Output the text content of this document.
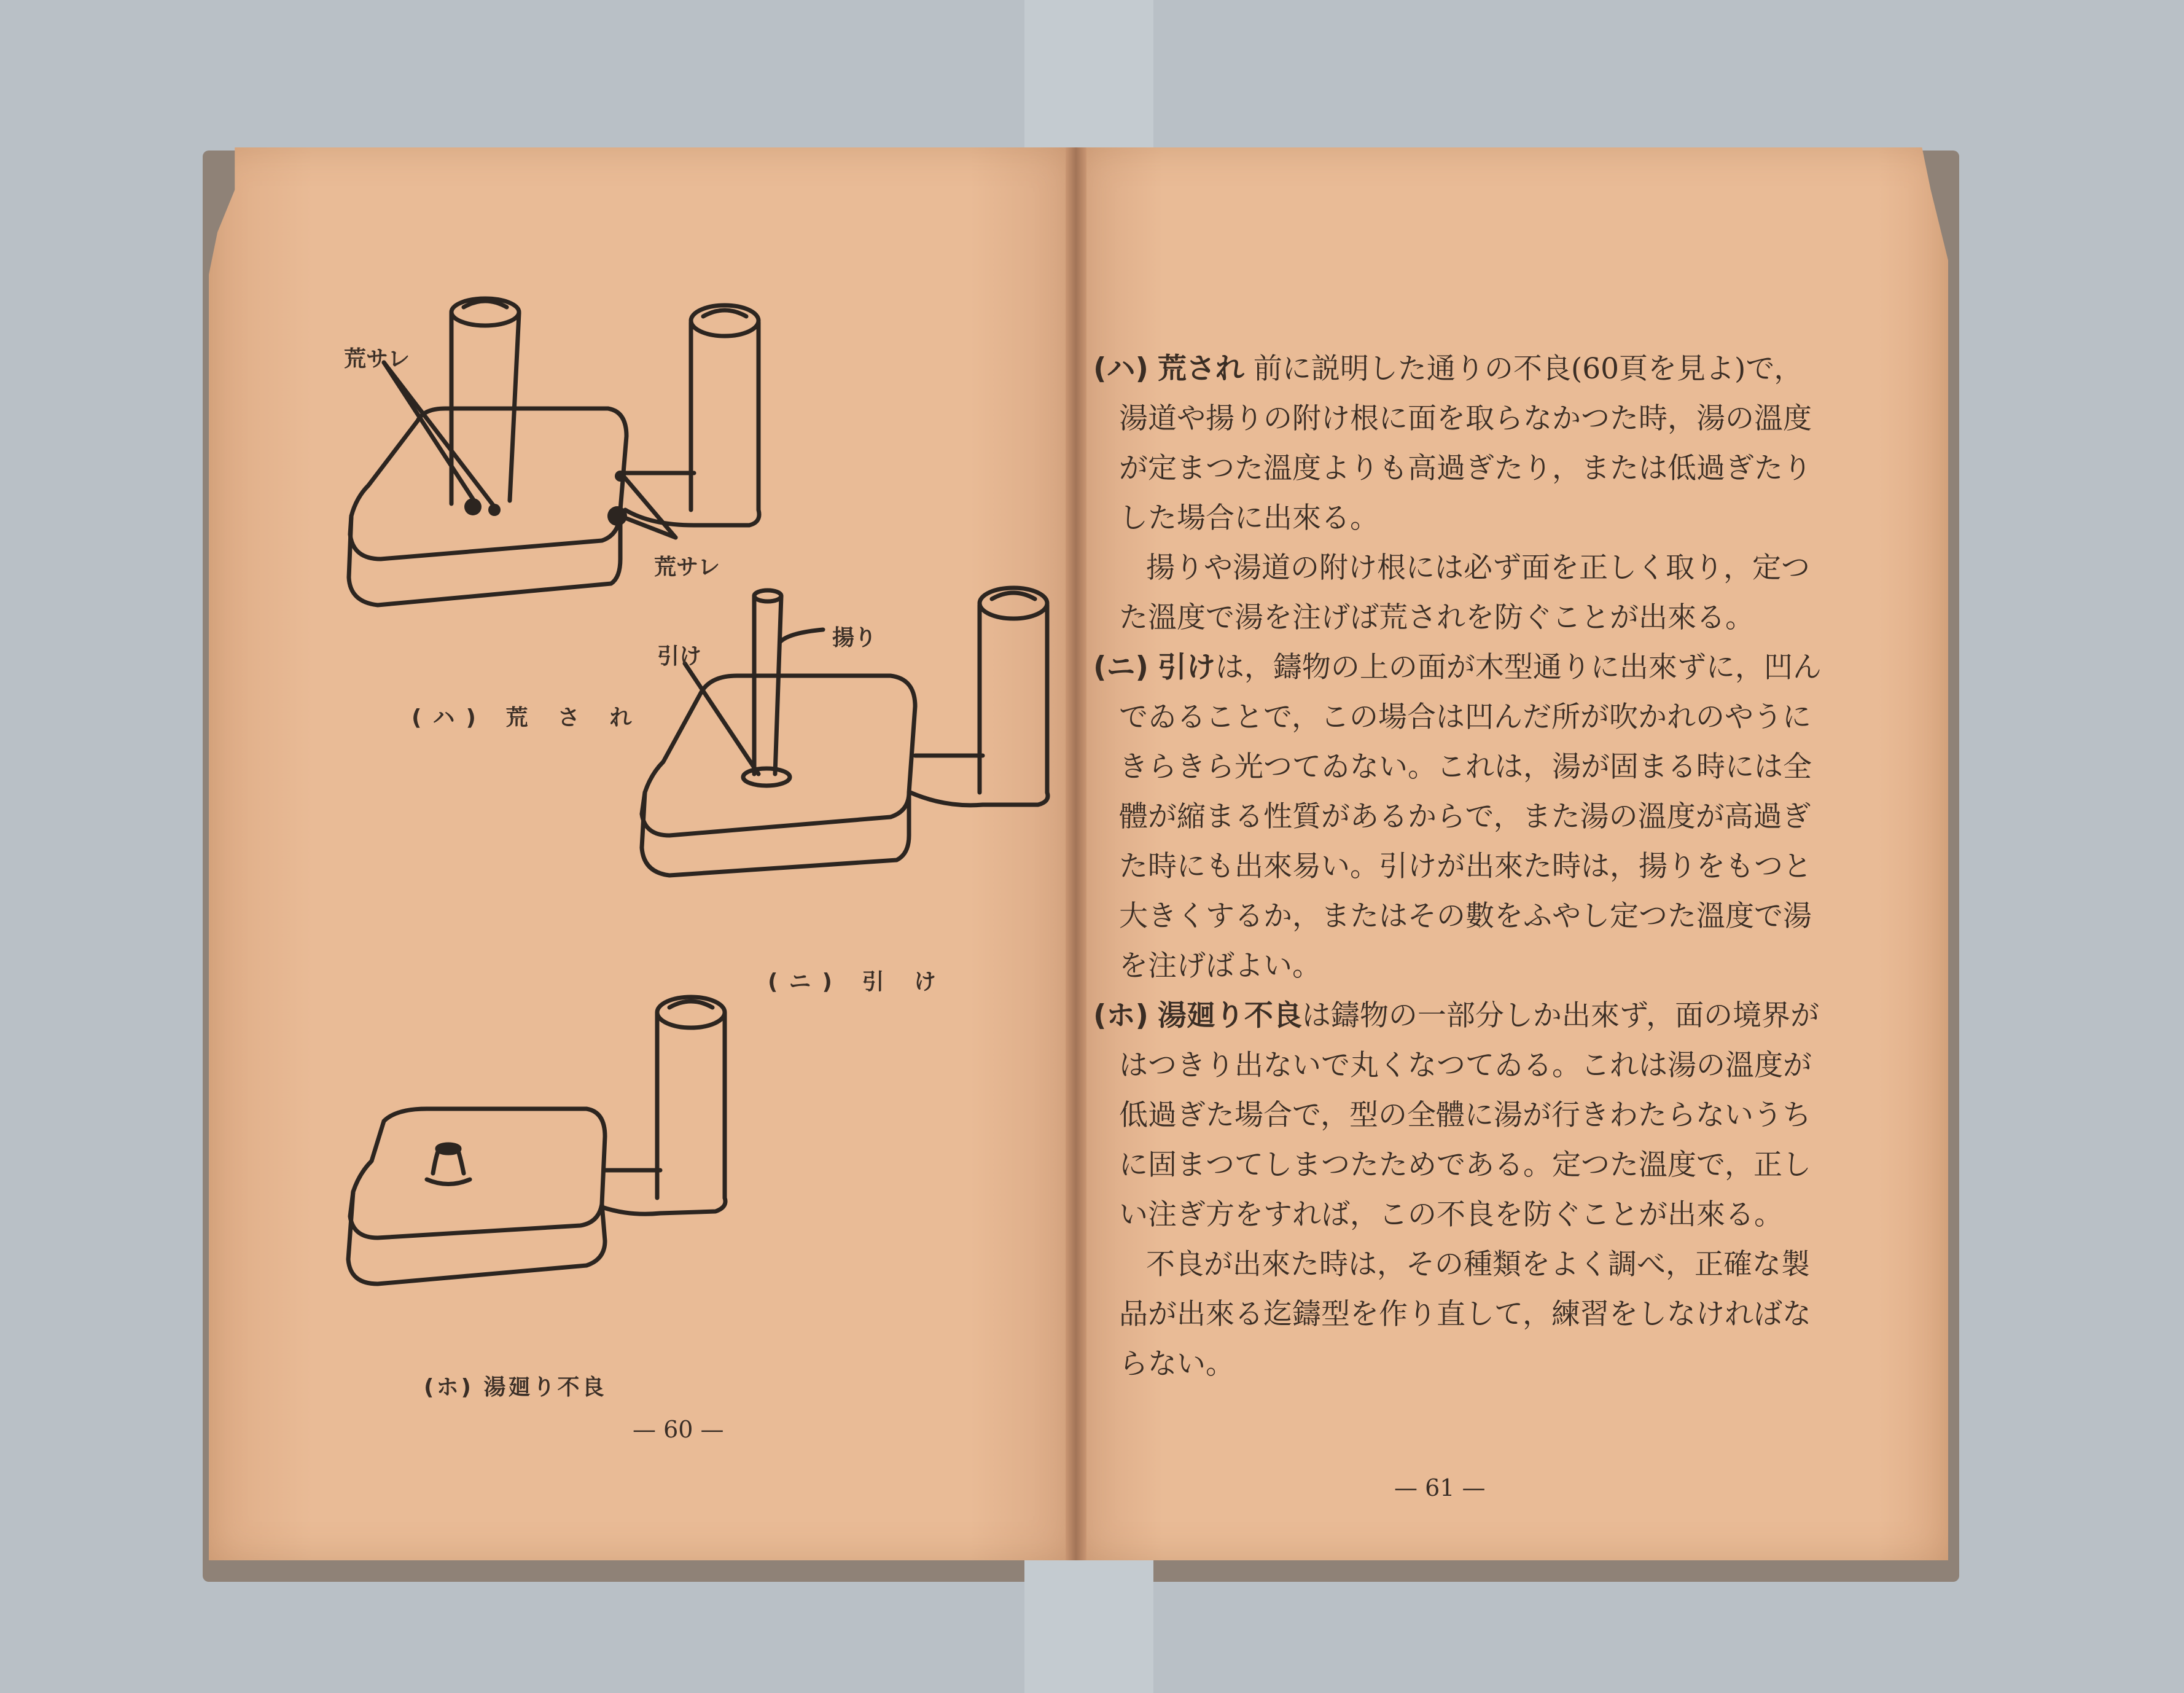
荒サレ
荒サレ
(ハ) 荒 さ れ
引け
揚り
(ニ) 引 け
(ホ) 湯廻り不良
— 60 —

(ハ) 荒され 前に説明した通りの不良(60頁を見よ)で，湯道や揚りの附け根に面を取らなかつた時，湯の溫度が定まつた溫度よりも高過ぎたり，または低過ぎたりした場合に出來る。

揚りや湯道の附け根には必ず面を正しく取り，定つた溫度で湯を注げば荒されを防ぐことが出來る。

(ニ) 引けは，鑄物の上の面が木型通りに出來ずに，凹んでゐることで，この場合は凹んだ所が吹かれのやうにきらきら光つてゐない。これは，湯が固まる時には全體が縮まる性質があるからで，また湯の溫度が高過ぎた時にも出來易い。引けが出來た時は，揚りをもつと大きくするか，またはその數をふやし定つた溫度で湯を注げばよい。

(ホ) 湯廻り不良は鑄物の一部分しか出來ず，面の境界がはつきり出ないで丸くなつてゐる。これは湯の溫度が低過ぎた場合で，型の全體に湯が行きわたらないうちに固まつてしまつたためである。定つた溫度で，正しい注ぎ方をすれば，この不良を防ぐことが出來る。

不良が出來た時は，その種類をよく調べ，正確な製品が出來る迄鑄型を作り直して，練習をしなければならない。

— 61 —
